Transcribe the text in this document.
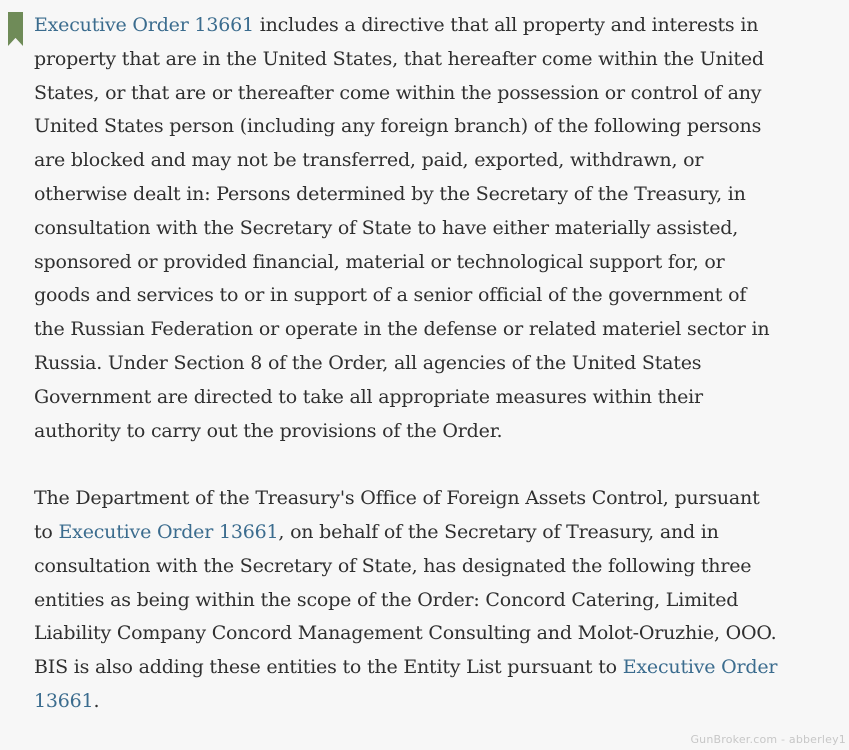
Executive Order 13661 includes a directive that all property and interests in property that are in the United States, that hereafter come within the United States, or that are or thereafter come within the possession or control of any United States person (including any foreign branch) of the following persons are blocked and may not be transferred, paid, exported, withdrawn, or otherwise dealt in: Persons determined by the Secretary of the Treasury, in consultation with the Secretary of State to have either materially assisted, sponsored or provided financial, material or technological support for, or goods and services to or in support of a senior official of the government of the Russian Federation or operate in the defense or related materiel sector in Russia. Under Section 8 of the Order, all agencies of the United States Government are directed to take all appropriate measures within their authority to carry out the provisions of the Order.

The Department of the Treasury's Office of Foreign Assets Control, pursuant to Executive Order 13661, on behalf of the Secretary of Treasury, and in consultation with the Secretary of State, has designated the following three entities as being within the scope of the Order: Concord Catering, Limited Liability Company Concord Management Consulting and Molot-Oruzhie, OOO. BIS is also adding these entities to the Entity List pursuant to Executive Order 13661.

GunBroker.com - abberley1
